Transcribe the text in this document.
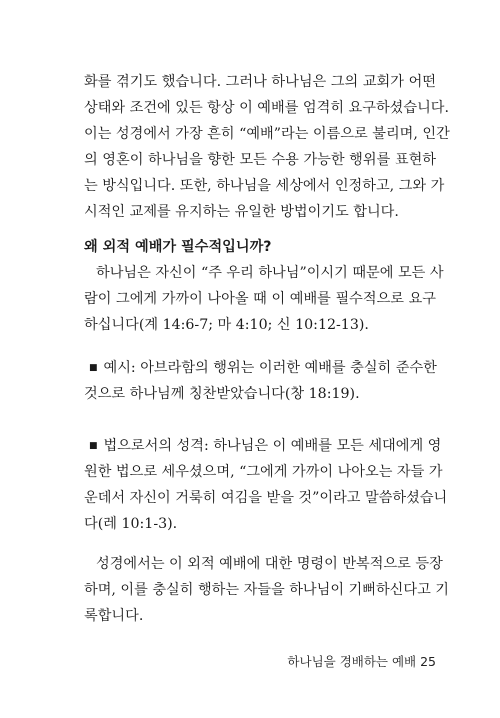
화를 겪기도 했습니다. 그러나 하나님은 그의 교회가 어떤
상태와 조건에 있든 항상 이 예배를 엄격히 요구하셨습니다.
이는 성경에서 가장 흔히 “예배”라는 이름으로 불리며, 인간
의 영혼이 하나님을 향한 모든 수용 가능한 행위를 표현하
는 방식입니다. 또한, 하나님을 세상에서 인정하고, 그와 가
시적인 교제를 유지하는 유일한 방법이기도 합니다.
왜 외적 예배가 필수적입니까?
하나님은 자신이 “주 우리 하나님”이시기 때문에 모든 사
람이 그에게 가까이 나아올 때 이 예배를 필수적으로 요구
하십니다(계 14:6-7; 마 4:10; 신 10:12-13).
■ 예시: 아브라함의 행위는 이러한 예배를 충실히 준수한
것으로 하나님께 칭찬받았습니다(창 18:19).
■ 법으로서의 성격: 하나님은 이 예배를 모든 세대에게 영
원한 법으로 세우셨으며, “그에게 가까이 나아오는 자들 가
운데서 자신이 거룩히 여김을 받을 것”이라고 말씀하셨습니
다(레 10:1-3).
성경에서는 이 외적 예배에 대한 명령이 반복적으로 등장
하며, 이를 충실히 행하는 자들을 하나님이 기뻐하신다고 기
록합니다.
하나님을 경배하는 예배 25
